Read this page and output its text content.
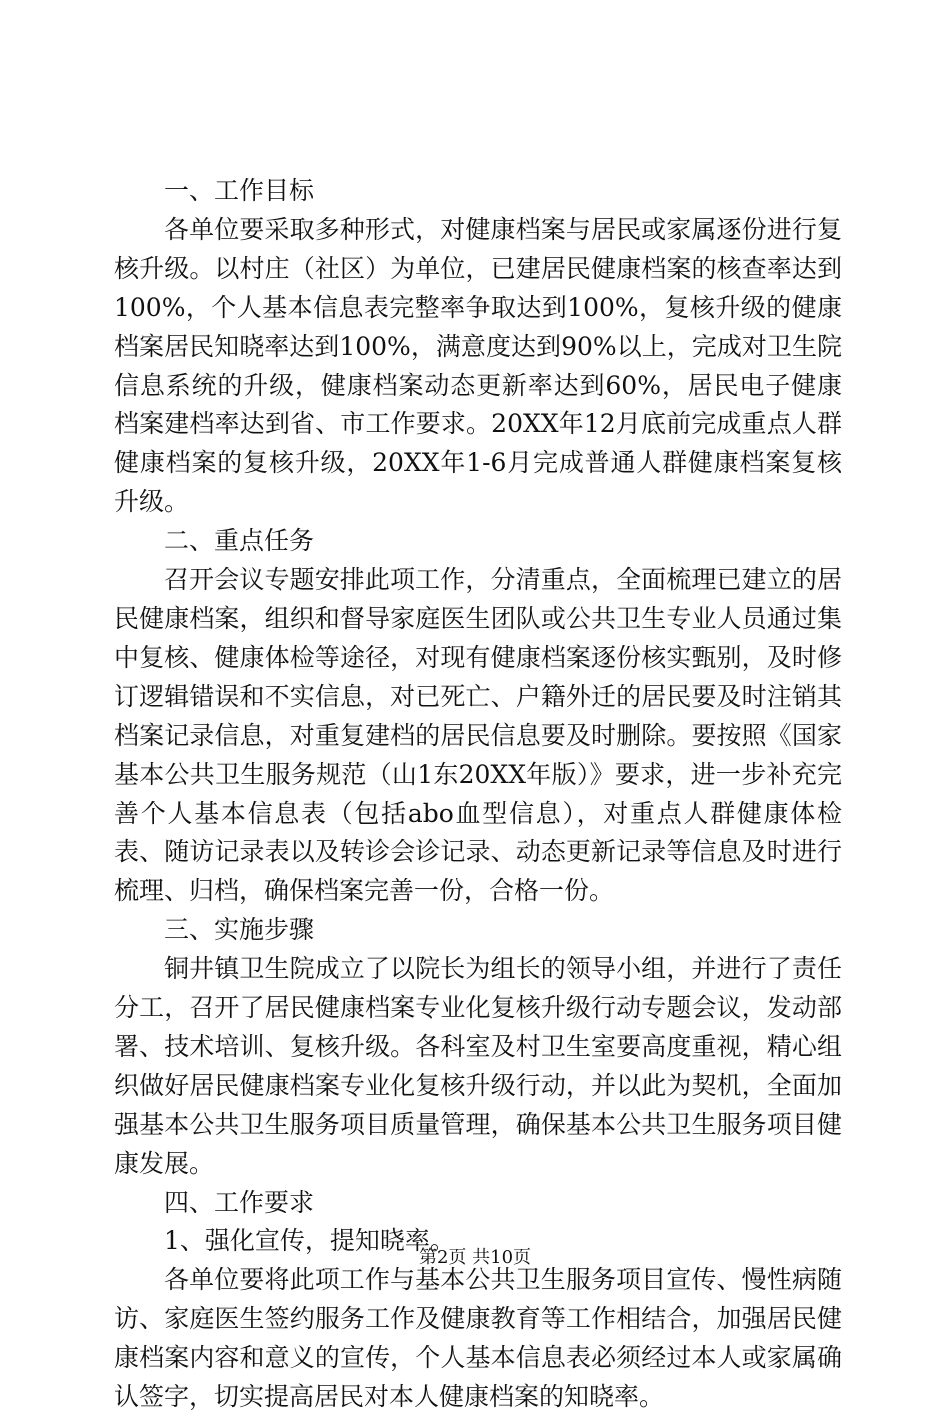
一、工作目标

各单位要采取多种形式，对健康档案与居民或家属逐份进行复核升级。以村庄（社区）为单位，已建居民健康档案的核查率达到100%，个人基本信息表完整率争取达到100%，复核升级的健康档案居民知晓率达到100%，满意度达到90%以上，完成对卫生院信息系统的升级，健康档案动态更新率达到60%，居民电子健康档案建档率达到省、市工作要求。20XX年12月底前完成重点人群健康档案的复核升级，20XX年1-6月完成普通人群健康档案复核升级。

二、重点任务

召开会议专题安排此项工作，分清重点，全面梳理已建立的居民健康档案，组织和督导家庭医生团队或公共卫生专业人员通过集中复核、健康体检等途径，对现有健康档案逐份核实甄别，及时修订逻辑错误和不实信息，对已死亡、户籍外迁的居民要及时注销其档案记录信息，对重复建档的居民信息要及时删除。要按照《国家基本公共卫生服务规范（山1东20XX年版）》要求，进一步补充完善个人基本信息表（包括abo血型信息），对重点人群健康体检表、随访记录表以及转诊会诊记录、动态更新记录等信息及时进行梳理、归档，确保档案完善一份，合格一份。

三、实施步骤

铜井镇卫生院成立了以院长为组长的领导小组，并进行了责任分工，召开了居民健康档案专业化复核升级行动专题会议，发动部署、技术培训、复核升级。各科室及村卫生室要高度重视，精心组织做好居民健康档案专业化复核升级行动，并以此为契机，全面加强基本公共卫生服务项目质量管理，确保基本公共卫生服务项目健康发展。

四、工作要求

1、强化宣传，提知晓率。

各单位要将此项工作与基本公共卫生服务项目宣传、慢性病随访、家庭医生签约服务工作及健康教育等工作相结合，加强居民健康档案内容和意义的宣传，个人基本信息表必须经过本人或家属确认签字，切实提高居民对本人健康档案的知晓率。

第2页 共10页
